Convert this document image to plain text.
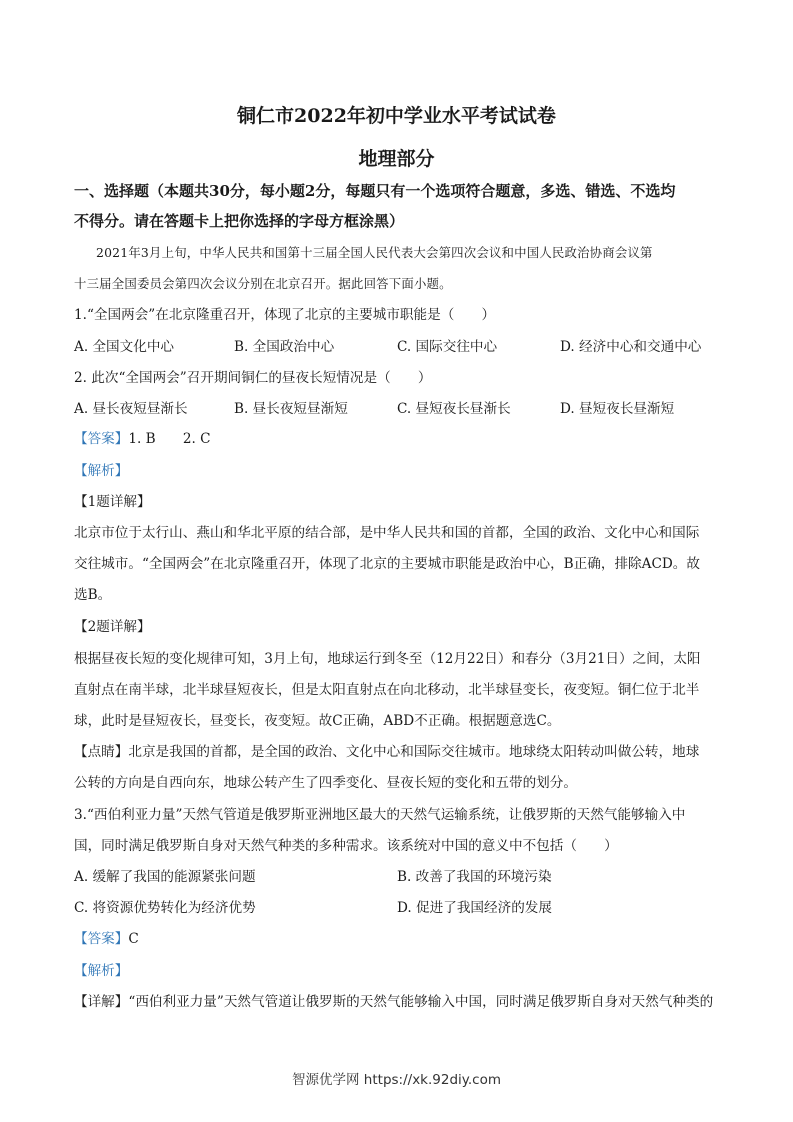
铜仁市2022年初中学业水平考试试卷
地理部分
一、选择题（本题共30分，每小题2分，每题只有一个选项符合题意，多选、错选、不选均
不得分。请在答题卡上把你选择的字母方框涂黑）
2021年3月上旬，中华人民共和国第十三届全国人民代表大会第四次会议和中国人民政治协商会议第
十三届全国委员会第四次会议分别在北京召开。据此回答下面小题。
1.“全国两会”在北京隆重召开，体现了北京的主要城市职能是（　　）
A. 全国文化中心	B. 全国政治中心	C. 国际交往中心	D. 经济中心和交通中心
2. 此次“全国两会”召开期间铜仁的昼夜长短情况是（　　）
A. 昼长夜短昼渐长	B. 昼长夜短昼渐短	C. 昼短夜长昼渐长	D. 昼短夜长昼渐短
【答案】1. B　　2. C
【解析】
【1题详解】
北京市位于太行山、燕山和华北平原的结合部，是中华人民共和国的首都，全国的政治、文化中心和国际
交往城市。“全国两会”在北京隆重召开，体现了北京的主要城市职能是政治中心，B正确，排除ACD。故
选B。
【2题详解】
根据昼夜长短的变化规律可知，3月上旬，地球运行到冬至（12月22日）和春分（3月21日）之间，太阳
直射点在南半球，北半球昼短夜长，但是太阳直射点在向北移动，北半球昼变长，夜变短。铜仁位于北半
球，此时是昼短夜长，昼变长，夜变短。故C正确，ABD不正确。根据题意选C。
【点睛】北京是我国的首都，是全国的政治、文化中心和国际交往城市。地球绕太阳转动叫做公转，地球
公转的方向是自西向东，地球公转产生了四季变化、昼夜长短的变化和五带的划分。
3.“西伯利亚力量”天然气管道是俄罗斯亚洲地区最大的天然气运输系统，让俄罗斯的天然气能够输入中
国，同时满足俄罗斯自身对天然气种类的多种需求。该系统对中国的意义中不包括（　　）
A. 缓解了我国的能源紧张问题	B. 改善了我国的环境污染
C. 将资源优势转化为经济优势	D. 促进了我国经济的发展
【答案】C
【解析】
【详解】“西伯利亚力量”天然气管道让俄罗斯的天然气能够输入中国，同时满足俄罗斯自身对天然气种类的
智源优学网 https://xk.92diy.com
